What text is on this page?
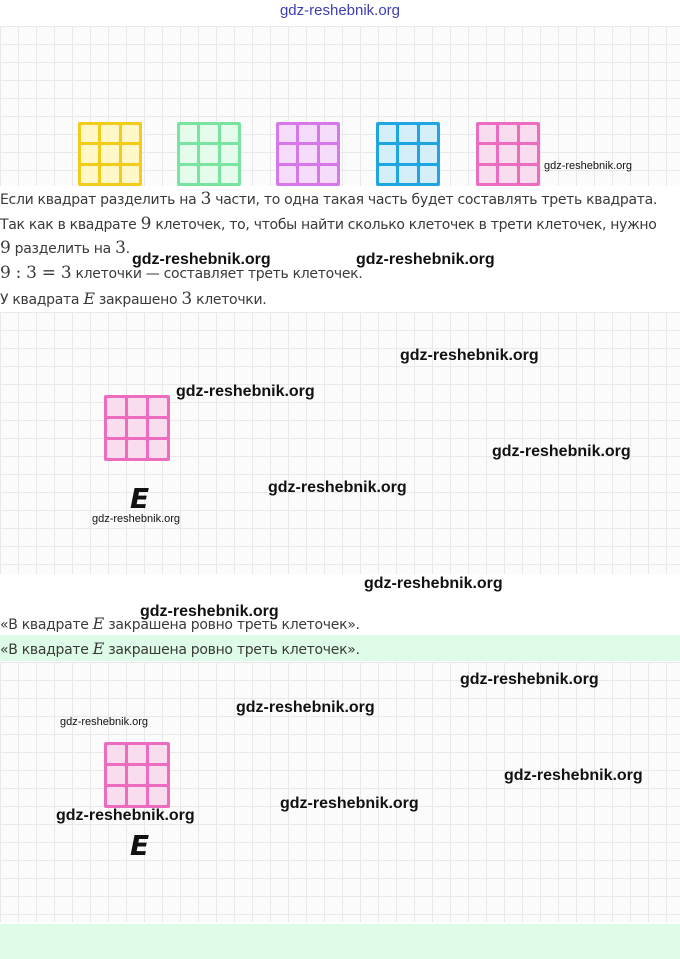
gdz-reshebnik.org
gdz-reshebnik.org
Если квадрат разделить на 3 части, то одна такая часть будет составлять треть квадрата.
Так как в квадрате 9 клеточек, то, чтобы найти сколько клеточек в трети клеточек, нужно
9 разделить на 3.
9 : 3 = 3 клеточки — составляет треть клеточек.
У квадрата E закрашено 3 клеточки.
gdz-reshebnik.org	gdz-reshebnik.org
E
gdz-reshebnik.org
gdz-reshebnik.org
gdz-reshebnik.org
gdz-reshebnik.org
gdz-reshebnik.org
gdz-reshebnik.org
gdz-reshebnik.org
«В квадрате E закрашена ровно треть клеточек».
«В квадрате E закрашена ровно треть клеточек».
E
gdz-reshebnik.org
gdz-reshebnik.org
gdz-reshebnik.org
gdz-reshebnik.org
gdz-reshebnik.org
gdz-reshebnik.org
